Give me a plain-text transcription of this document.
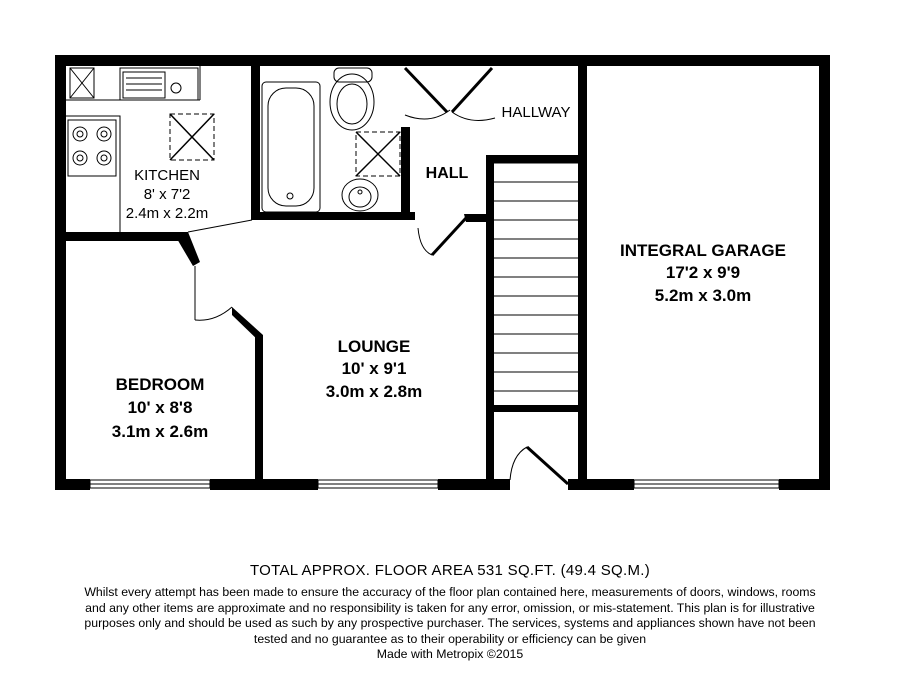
KITCHEN
8' x 7'2
2.4m x 2.2m
HALLWAY
HALL
INTEGRAL GARAGE
17'2 x 9'9
5.2m x 3.0m
LOUNGE
10' x 9'1
3.0m x 2.8m
BEDROOM
10' x 8'8
3.1m x 2.6m
TOTAL APPROX. FLOOR AREA 531 SQ.FT. (49.4 SQ.M.)
Whilst every attempt has been made to ensure the accuracy of the floor plan contained here, measurements of doors, windows, rooms and any other items are approximate and no responsibility is taken for any error, omission, or mis-statement. This plan is for illustrative purposes only and should be used as such by any prospective purchaser. The services, systems and appliances shown have not been tested and no guarantee as to their operability or efficiency can be given
Made with Metropix ©2015
